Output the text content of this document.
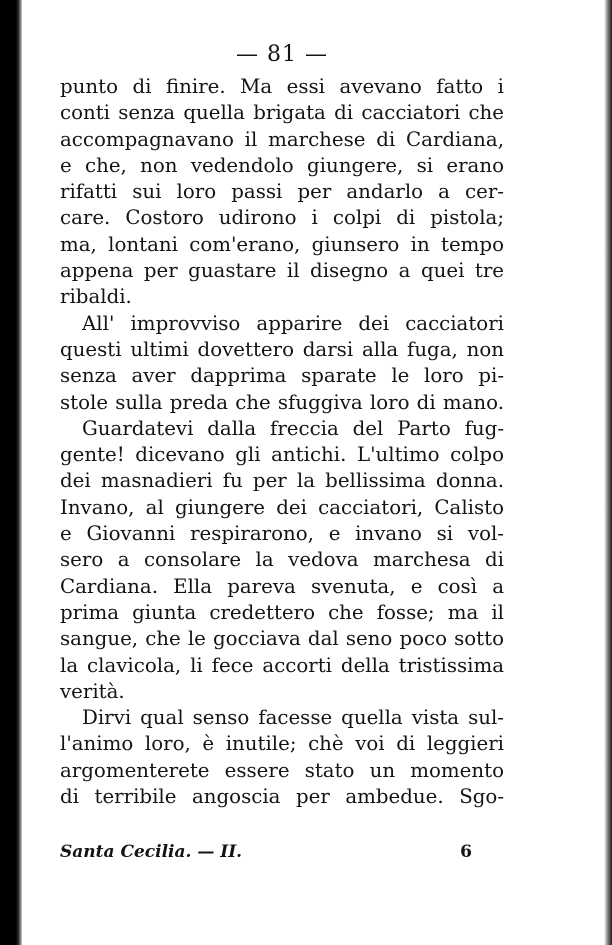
— 81 —
punto di finire. Ma essi avevano fatto i
conti senza quella brigata di cacciatori che
accompagnavano il marchese di Cardiana,
e che, non vedendolo giungere, si erano
rifatti sui loro passi per andarlo a cer-
care. Costoro udirono i colpi di pistola;
ma, lontani com'erano, giunsero in tempo
appena per guastare il disegno a quei tre
ribaldi.
All' improvviso apparire dei cacciatori
questi ultimi dovettero darsi alla fuga, non
senza aver dapprima sparate le loro pi-
stole sulla preda che sfuggiva loro di mano.
Guardatevi dalla freccia del Parto fug-
gente! dicevano gli antichi. L'ultimo colpo
dei masnadieri fu per la bellissima donna.
Invano, al giungere dei cacciatori, Calisto
e Giovanni respirarono, e invano si vol-
sero a consolare la vedova marchesa di
Cardiana. Ella pareva svenuta, e così a
prima giunta credettero che fosse; ma il
sangue, che le gocciava dal seno poco sotto
la clavicola, li fece accorti della tristissima
verità.
Dirvi qual senso facesse quella vista sul-
l'animo loro, è inutile; chè voi di leggieri
argomenterete essere stato un momento
di terribile angoscia per ambedue. Sgo-
Santa Cecilia. — II.	6
